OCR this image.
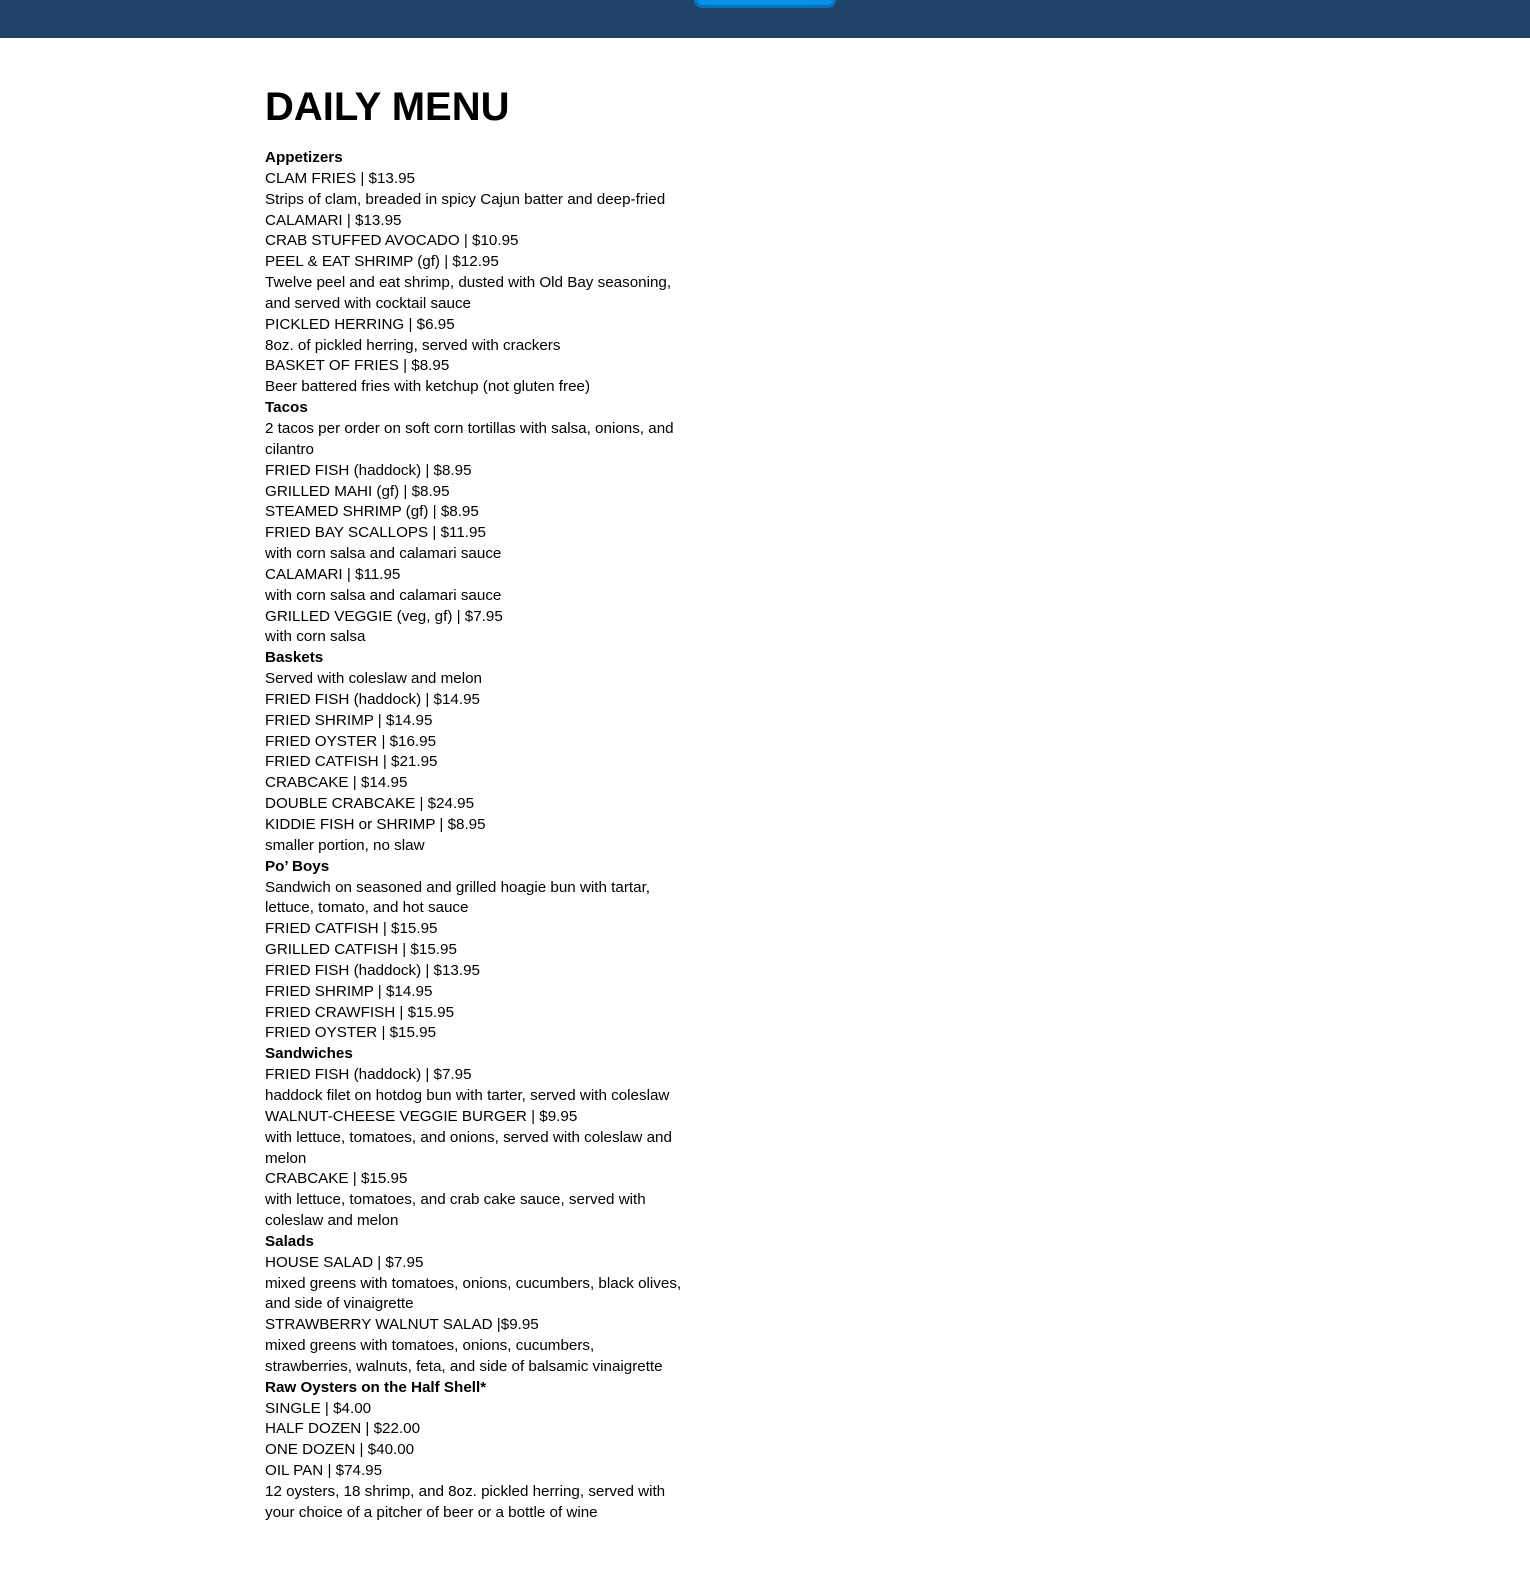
DAILY MENU

Appetizers

CLAM FRIES | $13.95

Strips of clam, breaded in spicy Cajun batter and deep-fried

CALAMARI | $13.95

CRAB STUFFED AVOCADO | $10.95

PEEL & EAT SHRIMP (gf) | $12.95

Twelve peel and eat shrimp, dusted with Old Bay seasoning, and served with cocktail sauce

PICKLED HERRING | $6.95

8oz. of pickled herring, served with crackers

BASKET OF FRIES | $8.95

Beer battered fries with ketchup (not gluten free)

Tacos

2 tacos per order on soft corn tortillas with salsa, onions, and cilantro

FRIED FISH (haddock) | $8.95

GRILLED MAHI (gf) | $8.95

STEAMED SHRIMP (gf) | $8.95

FRIED BAY SCALLOPS | $11.95

with corn salsa and calamari sauce

CALAMARI | $11.95

with corn salsa and calamari sauce

GRILLED VEGGIE (veg, gf) | $7.95

with corn salsa

Baskets

Served with coleslaw and melon

FRIED FISH (haddock) | $14.95

FRIED SHRIMP | $14.95

FRIED OYSTER | $16.95

FRIED CATFISH | $21.95

CRABCAKE | $14.95

DOUBLE CRABCAKE | $24.95

KIDDIE FISH or SHRIMP | $8.95

smaller portion, no slaw

Po’ Boys

Sandwich on seasoned and grilled hoagie bun with tartar, lettuce, tomato, and hot sauce

FRIED CATFISH | $15.95

GRILLED CATFISH | $15.95

FRIED FISH (haddock) | $13.95

FRIED SHRIMP | $14.95

FRIED CRAWFISH | $15.95

FRIED OYSTER | $15.95

Sandwiches

FRIED FISH (haddock) | $7.95

haddock filet on hotdog bun with tarter, served with coleslaw

WALNUT-CHEESE VEGGIE BURGER | $9.95

with lettuce, tomatoes, and onions, served with coleslaw and melon

CRABCAKE | $15.95

with lettuce, tomatoes, and crab cake sauce, served with coleslaw and melon

Salads

HOUSE SALAD | $7.95

mixed greens with tomatoes, onions, cucumbers, black olives, and side of vinaigrette

STRAWBERRY WALNUT SALAD |$9.95

mixed greens with tomatoes, onions, cucumbers, strawberries, walnuts, feta, and side of balsamic vinaigrette

Raw Oysters on the Half Shell*

SINGLE | $4.00

HALF DOZEN | $22.00

ONE DOZEN | $40.00

OIL PAN | $74.95

12 oysters, 18 shrimp, and 8oz. pickled herring, served with your choice of a pitcher of beer or a bottle of wine
